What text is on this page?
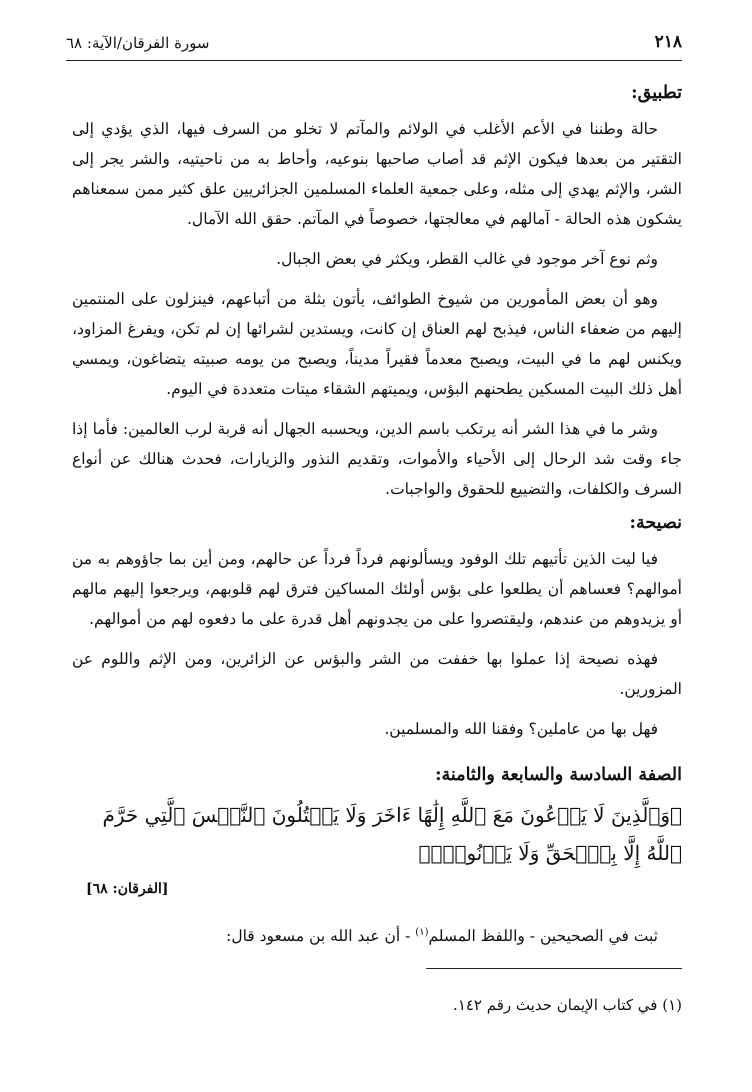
٢١٨
سورة الفرقان/الآية: ٦٨

تطبيق:

حالة وطننا في الأعم الأغلب في الولائم والمآتم لا تخلو من السرف فيها، الذي يؤدي إلى التقتير من بعدها فيكون الإثم قد أصاب صاحبها بنوعيه، وأحاط به من ناحيتيه، والشر يجر إلى الشر، والإثم يهدي إلى مثله، وعلى جمعية العلماء المسلمين الجزائريين علق كثير ممن سمعناهم يشكون هذه الحالة - آمالهم في معالجتها، خصوصاً في المآتم. حقق الله الآمال.

وثم نوع آخر موجود في غالب القطر، ويكثر في بعض الجبال.

وهو أن بعض المأمورين من شيوخ الطوائف، يأتون بثلة من أتباعهم، فينزلون على المنتمين إليهم من ضعفاء الناس، فيذبح لهم العناق إن كانت، ويستدين لشرائها إن لم تكن، ويفرغ المزاود، ويكنس لهم ما في البيت، ويصبح معدماً فقيراً مديناً، ويصبح من يومه صبيته يتضاغون، ويمسي أهل ذلك البيت المسكين يطحنهم البؤس، ويميتهم الشقاء ميتات متعددة في اليوم.

وشر ما في هذا الشر أنه يرتكب باسم الدين، ويحسبه الجهال أنه قربة لرب العالمين: فأما إذا جاء وقت شد الرحال إلى الأحياء والأموات، وتقديم النذور والزيارات، فحدث هنالك عن أنواع السرف والكلفات، والتضييع للحقوق والواجبات.

نصيحة:

فيا ليت الذين تأتيهم تلك الوفود ويسألونهم فرداً فرداً عن حالهم، ومن أين بما جاؤوهم به من أموالهم؟ فعساهم أن يطلعوا على بؤس أولئك المساكين فترق لهم قلوبهم، ويرجعوا إليهم مالهم أو يزيدوهم من عندهم، وليقتصروا على من يجدونهم أهل قدرة على ما دفعوه لهم من أموالهم.

فهذه نصيحة إذا عملوا بها خففت من الشر والبؤس عن الزائرين، ومن الإثم واللوم عن المزورين.

فهل بها من عاملين؟ وفقنا الله والمسلمين.

الصفة السادسة والسابعة والثامنة:

﴿وَٱلَّذِينَ لَا يَدۡعُونَ مَعَ ٱللَّهِ إِلَٰهًا ءَاخَرَ وَلَا يَقۡتُلُونَ ٱلنَّفۡسَ ٱلَّتِي حَرَّمَ ٱللَّهُ إِلَّا بِٱلۡحَقِّ وَلَا يَزۡنُونَۚ﴾

[الفرقان: ٦٨]

ثبت في الصحيحين - واللفظ المسلم$^{(١)}$ - أن عبد الله بن مسعود قال:

(١) في كتاب الإيمان حديث رقم ١٤٢.
